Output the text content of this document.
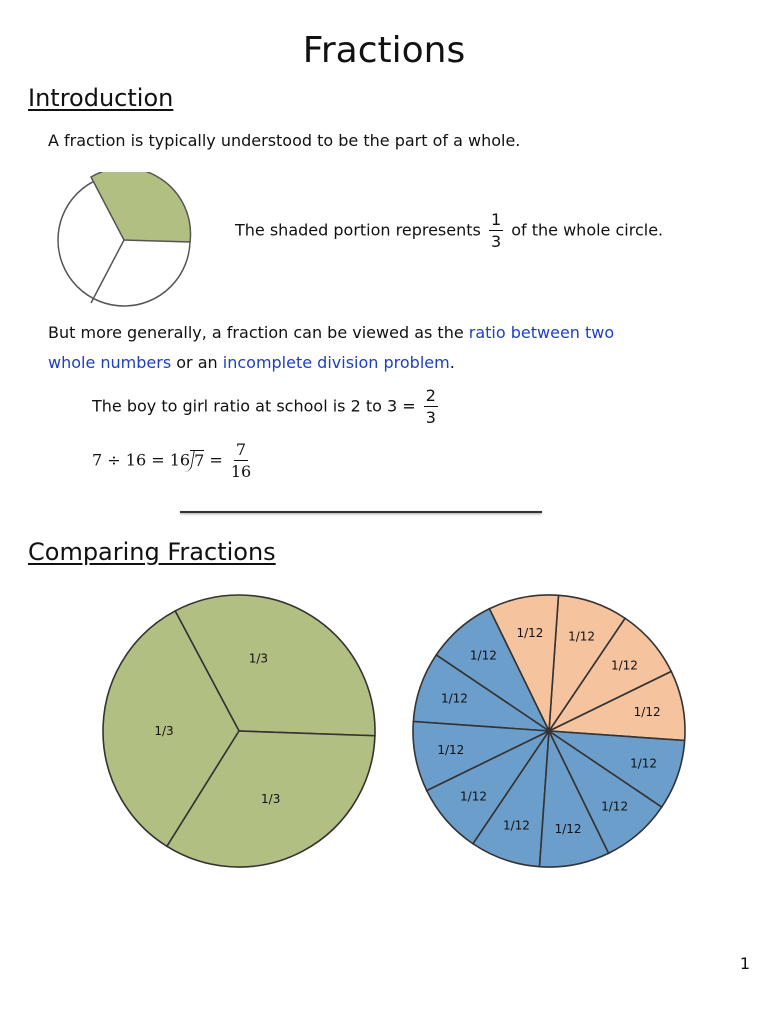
Fractions
Introduction
A fraction is typically understood to be the part of a whole.
The shaded portion represents $\frac{1}{3}$ of the whole circle.
But more generally, a fraction can be viewed as the ratio between two whole numbers or an incomplete division problem.
The boy to girl ratio at school is 2 to $3 = \frac{2}{3}$
7 ÷ 16 = 16 $7 = \frac{7}{16}$
Comparing Fractions
1/3
1/3
1/3
1/12
1/12
1/12
1/12
1/12
1/12
1/12
1/12
1/12 1/12
1/12
1/12
1
